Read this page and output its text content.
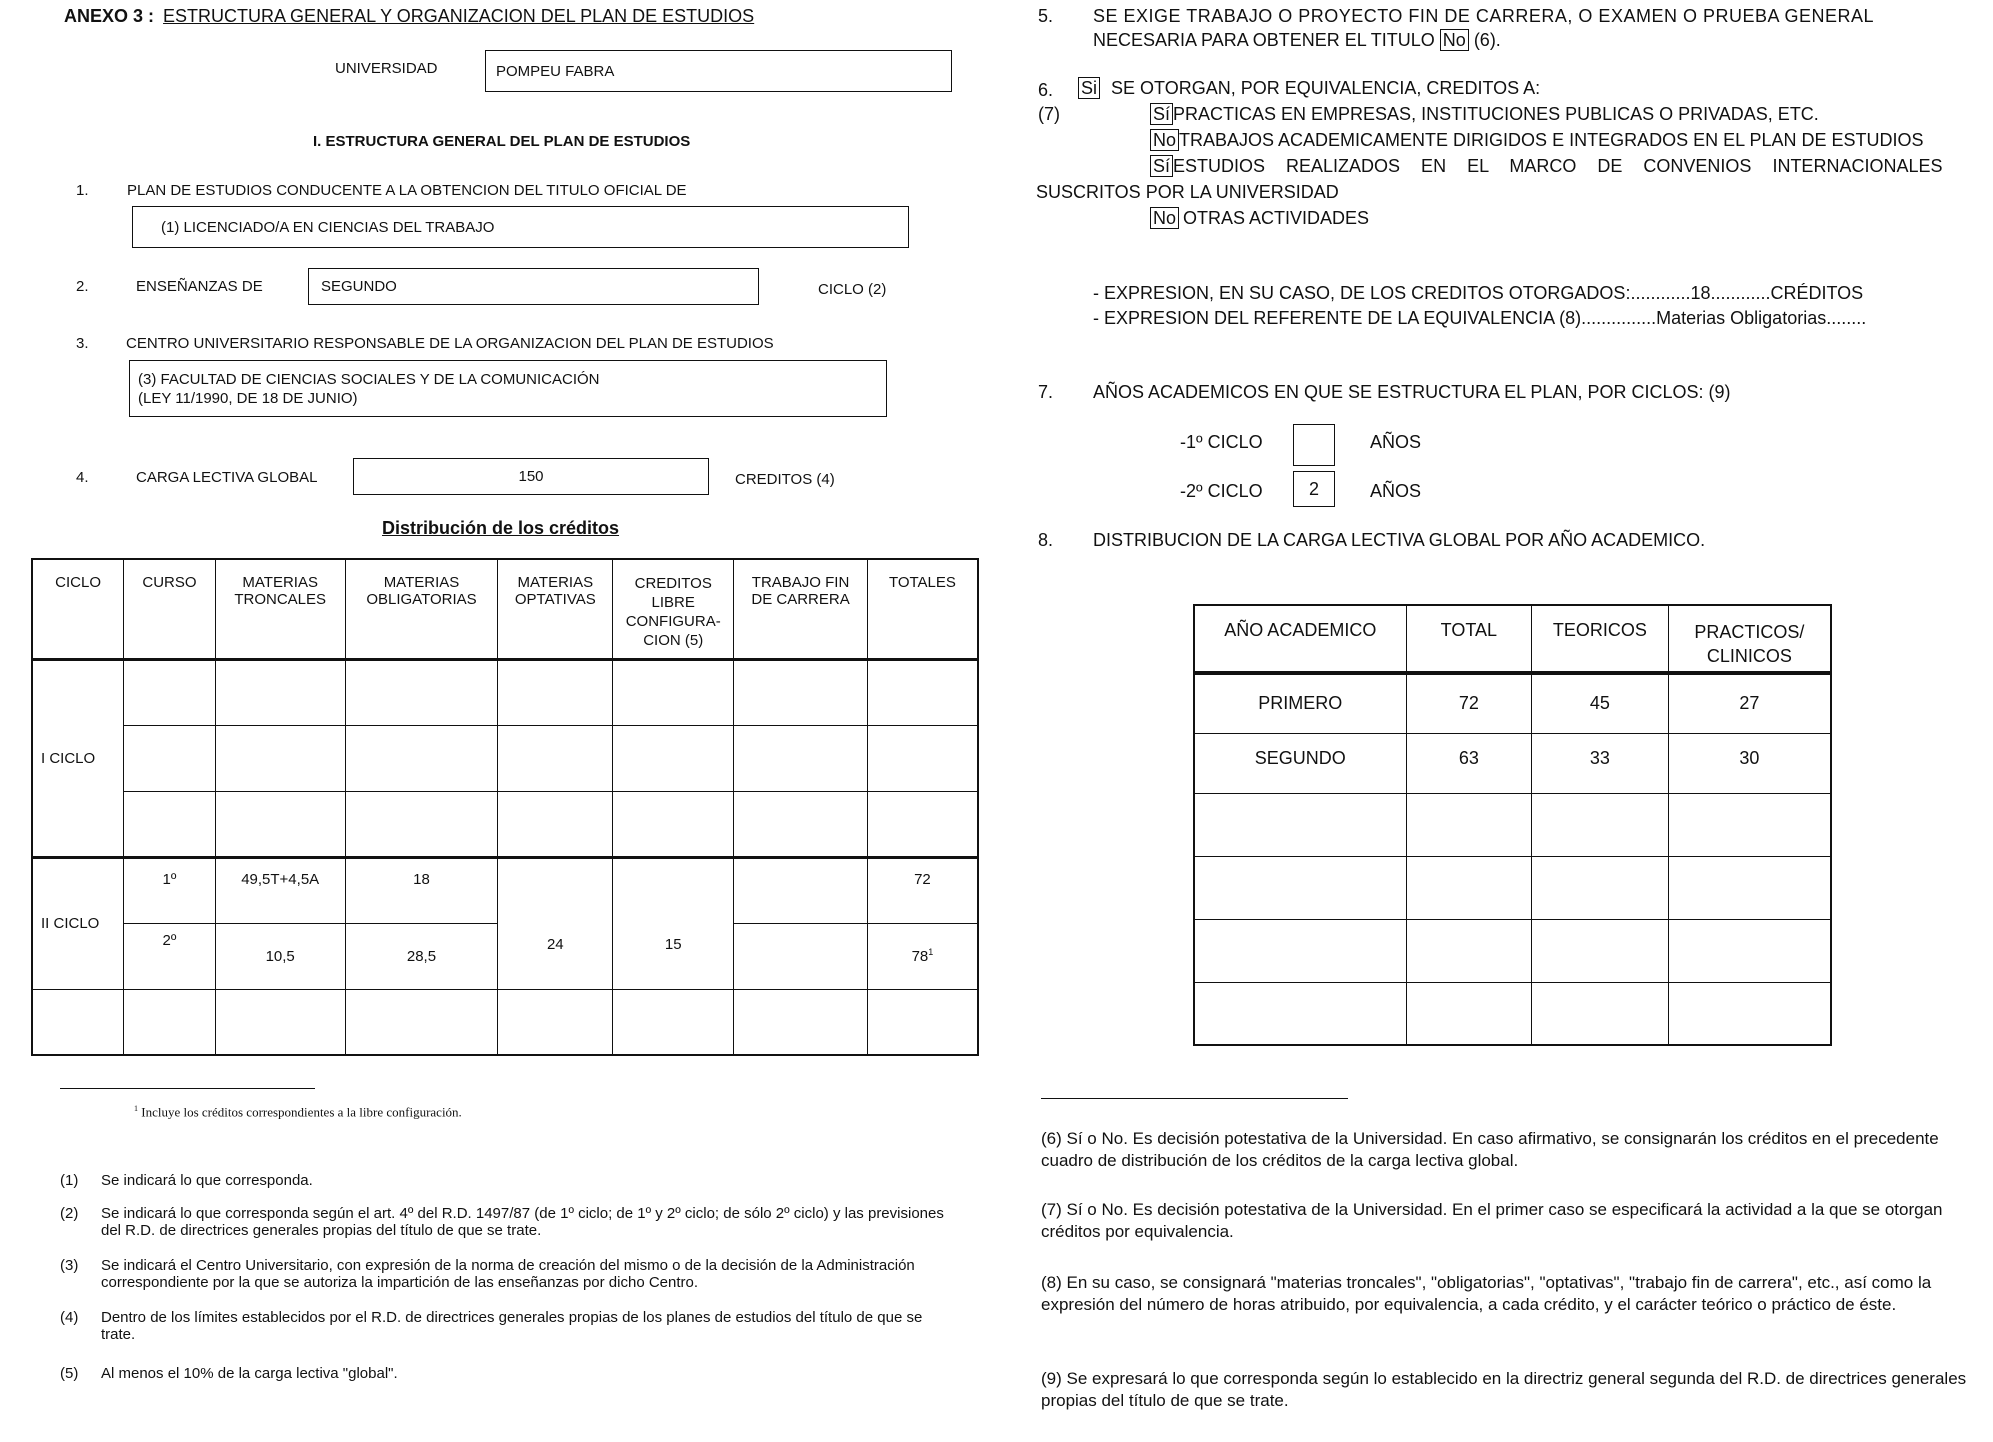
ANEXO 3 : ESTRUCTURA GENERAL Y ORGANIZACION DEL PLAN DE ESTUDIOS
UNIVERSIDAD	POMPEU FABRA
I. ESTRUCTURA GENERAL DEL PLAN DE ESTUDIOS
1.	PLAN DE ESTUDIOS CONDUCENTE A LA OBTENCION DEL TITULO OFICIAL DE
(1) LICENCIADO/A EN CIENCIAS DEL TRABAJO
2.	ENSEÑANZAS DE	SEGUNDO	CICLO (2)
3. CENTRO UNIVERSITARIO RESPONSABLE DE LA ORGANIZACION DEL PLAN DE ESTUDIOS
(3) FACULTAD DE CIENCIAS SOCIALES Y DE LA COMUNICACIÓN
(LEY 11/1990, DE 18 DE JUNIO)
4.	CARGA LECTIVA GLOBAL	150	CREDITOS (4)
Distribución de los créditos
CICLO	CURSO	MATERIAS TRONCALES	MATERIAS OBLIGATORIAS	MATERIAS OPTATIVAS	CREDITOS LIBRE CONFIGURA-CION (5)	TRABAJO FIN DE CARRERA	TOTALES
I CICLO							

II CICLO	1º	49,5T+4,5A	18	24	15		72
	2º	10,5	28,5				$78^1$

$^1$ Incluye los créditos correspondientes a la libre configuración.
(1)	Se indicará lo que corresponda.
(2)	Se indicará lo que corresponda según el art. 4º del R.D. 1497/87 (de 1º ciclo; de 1º y 2º ciclo; de sólo 2º ciclo) y las previsiones del R.D. de directrices generales propias del título de que se trate.
(3)	Se indicará el Centro Universitario, con expresión de la norma de creación del mismo o de la decisión de la Administración correspondiente por la que se autoriza la impartición de las enseñanzas por dicho Centro.
(4)	Dentro de los límites establecidos por el R.D. de directrices generales propias de los planes de estudios del título de que se trate.
(5)	Al menos el 10% de la carga lectiva "global".
5. SE EXIGE TRABAJO O PROYECTO FIN DE CARRERA, O EXAMEN O PRUEBA GENERAL
NECESARIA PARA OBTENER EL TITULO No (6).
6. Si SE OTORGAN, POR EQUIVALENCIA, CREDITOS A:
(7)	Sí PRACTICAS EN EMPRESAS, INSTITUCIONES PUBLICAS O PRIVADAS, ETC.
No TRABAJOS ACADEMICAMENTE DIRIGIDOS E INTEGRADOS EN EL PLAN DE ESTUDIOS
Sí ESTUDIOS REALIZADOS EN EL MARCO DE CONVENIOS INTERNACIONALES
SUSCRITOS POR LA UNIVERSIDAD
No OTRAS ACTIVIDADES
- EXPRESION, EN SU CASO, DE LOS CREDITOS OTORGADOS:............18............CRÉDITOS
- EXPRESION DEL REFERENTE DE LA EQUIVALENCIA (8)...............Materias Obligatorias........
7. AÑOS ACADEMICOS EN QUE SE ESTRUCTURA EL PLAN, POR CICLOS: (9)
-1º CICLO	AÑOS
-2º CICLO	2	AÑOS
8. DISTRIBUCION DE LA CARGA LECTIVA GLOBAL POR AÑO ACADEMICO.
AÑO ACADEMICO	TOTAL	TEORICOS	PRACTICOS/ CLINICOS
PRIMERO	72	45	27
SEGUNDO	63	33	30

(6) Sí o No. Es decisión potestativa de la Universidad. En caso afirmativo, se consignarán los créditos en el precedente cuadro de distribución de los créditos de la carga lectiva global.
(7) Sí o No. Es decisión potestativa de la Universidad. En el primer caso se especificará la actividad a la que se otorgan créditos por equivalencia.
(8) En su caso, se consignará "materias troncales", "obligatorias", "optativas", "trabajo fin de carrera", etc., así como la expresión del número de horas atribuido, por equivalencia, a cada crédito, y el carácter teórico o práctico de éste.
(9) Se expresará lo que corresponda según lo establecido en la directriz general segunda del R.D. de directrices generales propias del título de que se trate.
